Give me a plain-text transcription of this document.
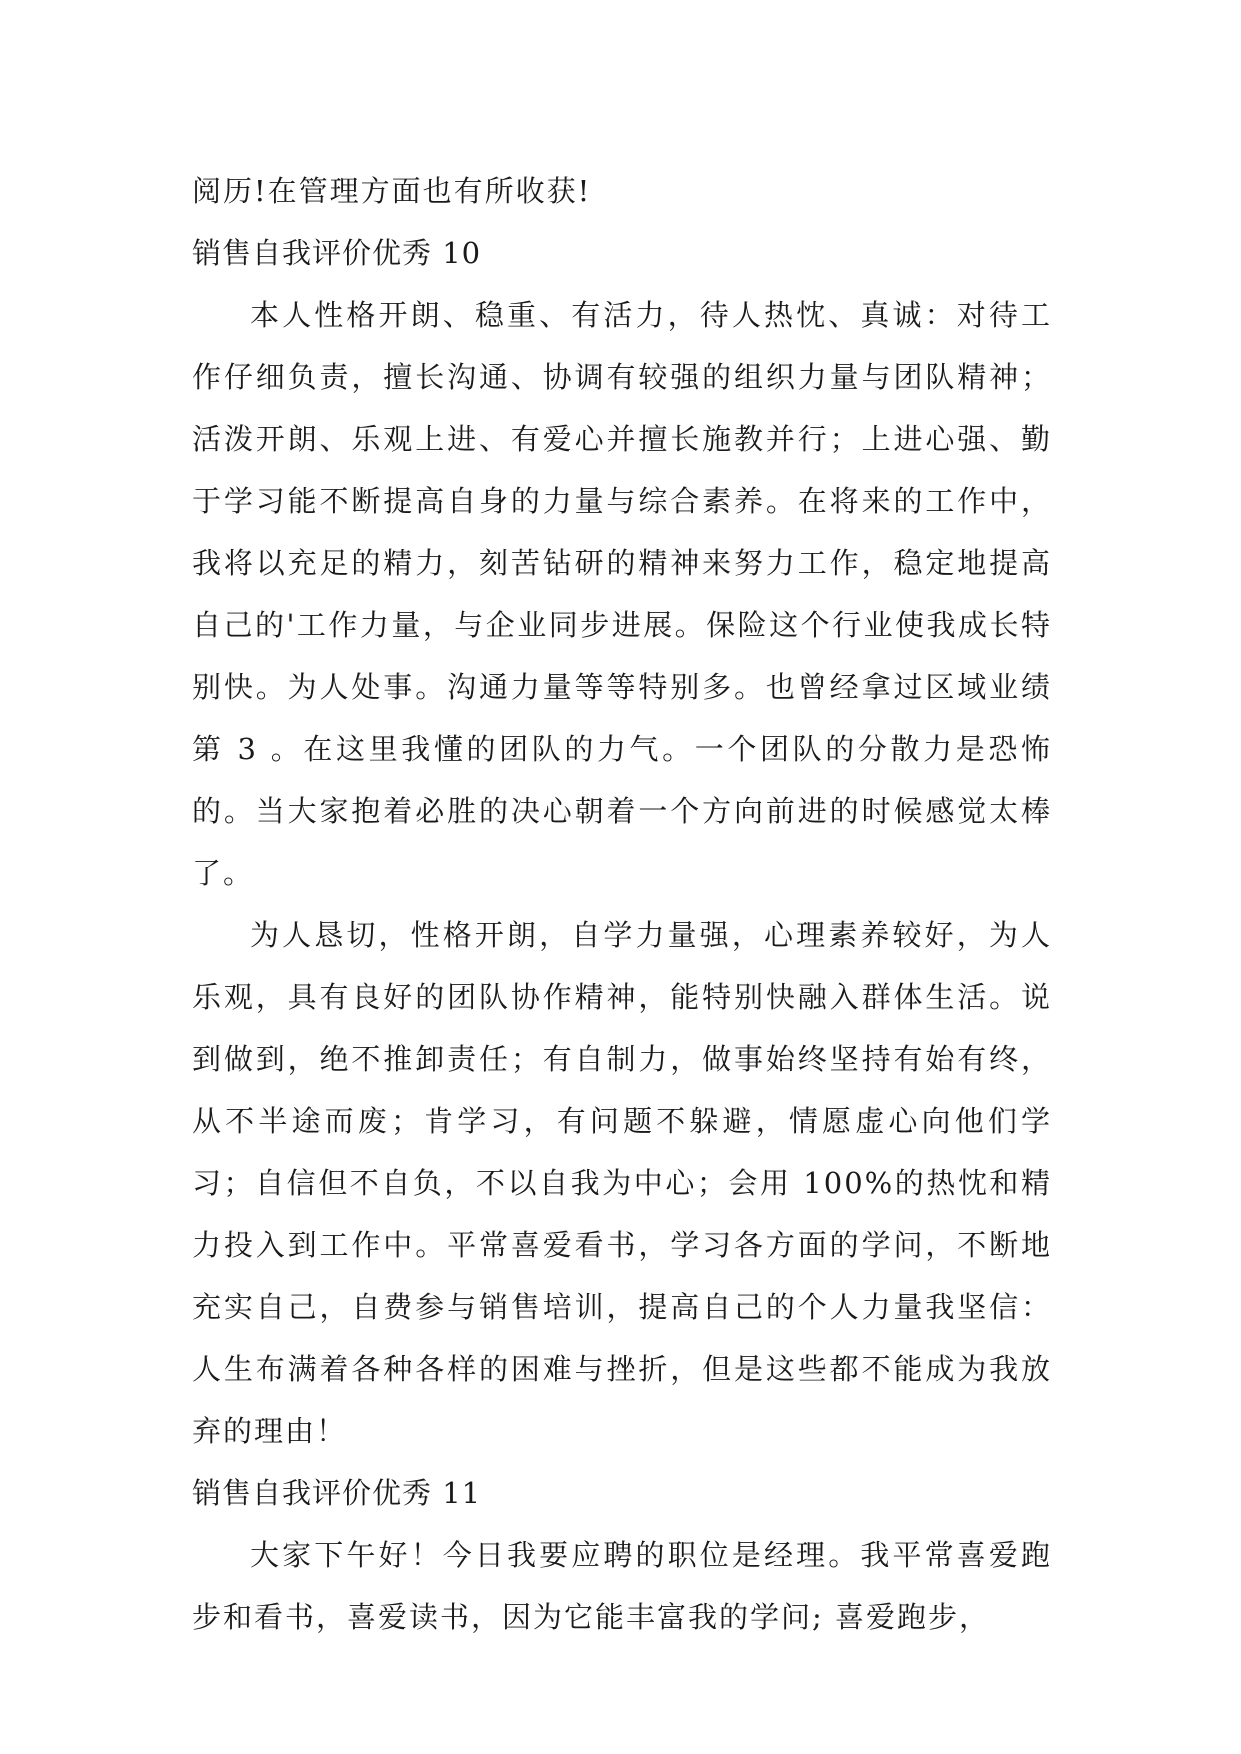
阅历!在管理方面也有所收获!
销售自我评价优秀 10

本人性格开朗、稳重、有活力，待人热忱、真诚：对待工作仔细负责，擅长沟通、协调有较强的组织力量与团队精神；活泼开朗、乐观上进、有爱心并擅长施教并行；上进心强、勤于学习能不断提高自身的力量与综合素养。在将来的工作中，我将以充足的精力，刻苦钻研的精神来努力工作，稳定地提高自己的'工作力量，与企业同步进展。保险这个行业使我成长特别快。为人处事。沟通力量等等特别多。也曾经拿过区域业绩第 3 。在这里我懂的团队的力气。一个团队的分散力是恐怖的。当大家抱着必胜的决心朝着一个方向前进的时候感觉太棒了。

为人恳切，性格开朗，自学力量强，心理素养较好，为人乐观，具有良好的团队协作精神，能特别快融入群体生活。说到做到，绝不推卸责任；有自制力，做事始终坚持有始有终，从不半途而废；肯学习，有问题不躲避，情愿虚心向他们学习；自信但不自负，不以自我为中心；会用 100%的热忱和精力投入到工作中。平常喜爱看书，学习各方面的学问，不断地充实自己，自费参与销售培训，提高自己的个人力量我坚信：人生布满着各种各样的困难与挫折，但是这些都不能成为我放弃的理由！

销售自我评价优秀 11

大家下午好！今日我要应聘的职位是经理。我平常喜爱跑步和看书，喜爱读书，因为它能丰富我的学问; 喜爱跑步，
